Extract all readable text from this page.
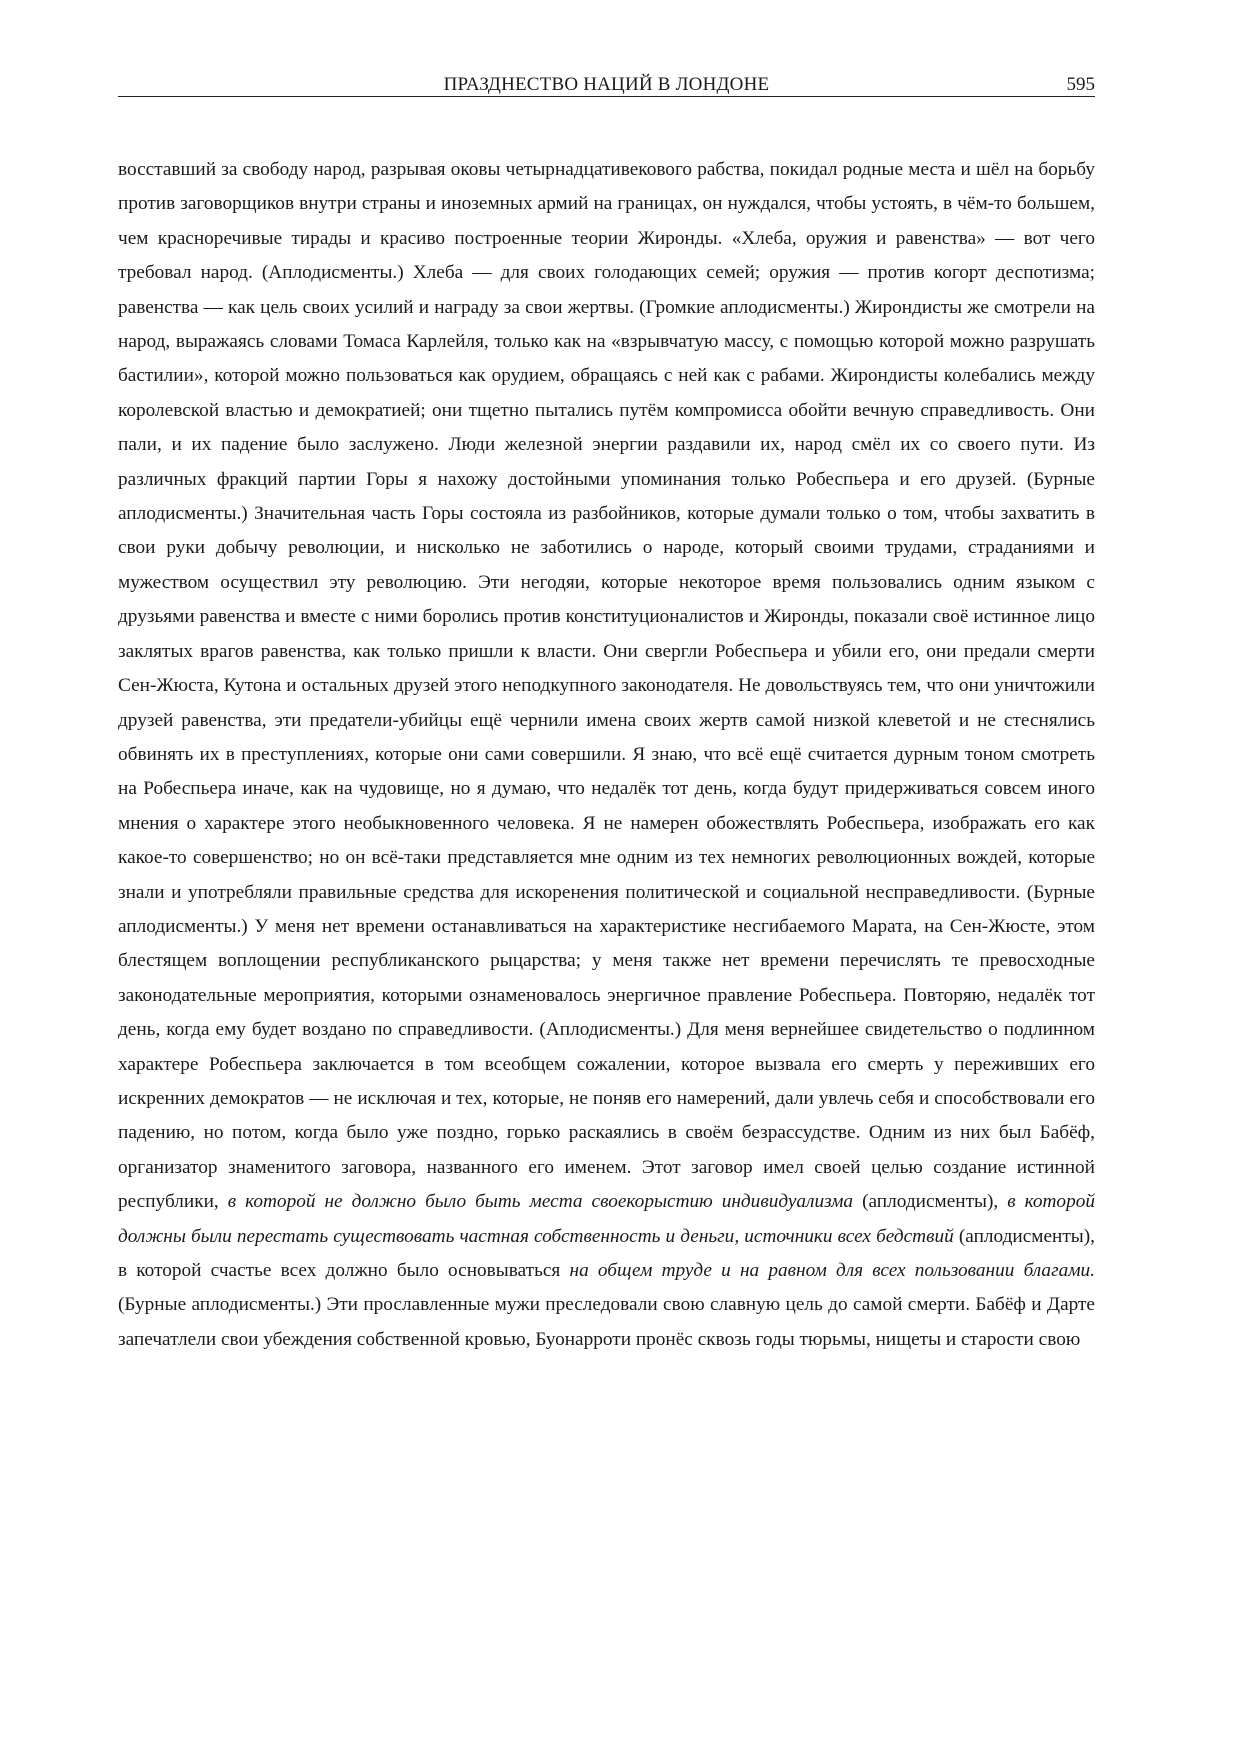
ПРАЗДНЕСТВО НАЦИЙ В ЛОНДОНЕ	595

восставший за свободу народ, разрывая оковы четырнадцативекового рабства, покидал родные места и шёл на борьбу против заговорщиков внутри страны и иноземных армий на границах, он нуждался, чтобы устоять, в чём-то большем, чем красноречивые тирады и красиво построенные теории Жиронды. «Хлеба, оружия и равенства» — вот чего требовал народ. (Аплодисменты.) Хлеба — для своих голодающих семей; оружия — против когорт деспотизма; равенства — как цель своих усилий и награду за свои жертвы. (Громкие аплодисменты.) Жирондисты же смотрели на народ, выражаясь словами Томаса Карлейля, только как на «взрывчатую массу, с помощью которой можно разрушать бастилии», которой можно пользоваться как орудием, обращаясь с ней как с рабами. Жирондисты колебались между королевской властью и демократией; они тщетно пытались путём компромисса обойти вечную справедливость. Они пали, и их падение было заслужено. Люди железной энергии раздавили их, народ смёл их со своего пути. Из различных фракций партии Горы я нахожу достойными упоминания только Робеспьера и его друзей. (Бурные аплодисменты.) Значительная часть Горы состояла из разбойников, которые думали только о том, чтобы захватить в свои руки добычу революции, и нисколько не заботились о народе, который своими трудами, страданиями и мужеством осуществил эту революцию. Эти негодяи, которые некоторое время пользовались одним языком с друзьями равенства и вместе с ними боролись против конституционалистов и Жиронды, показали своё истинное лицо заклятых врагов равенства, как только пришли к власти. Они свергли Робеспьера и убили его, они предали смерти Сен-Жюста, Кутона и остальных друзей этого неподкупного законодателя. Не довольствуясь тем, что они уничтожили друзей равенства, эти предатели-убийцы ещё чернили имена своих жертв самой низкой клеветой и не стеснялись обвинять их в преступлениях, которые они сами совершили. Я знаю, что всё ещё считается дурным тоном смотреть на Робеспьера иначе, как на чудовище, но я думаю, что недалёк тот день, когда будут придерживаться совсем иного мнения о характере этого необыкновенного человека. Я не намерен обожествлять Робеспьера, изображать его как какое-то совершенство; но он всё-таки представляется мне одним из тех немногих революционных вождей, которые знали и употребляли правильные средства для искоренения политической и социальной несправедливости. (Бурные аплодисменты.) У меня нет времени останавливаться на характеристике несгибаемого Марата, на Сен-Жюсте, этом блестящем воплощении республиканского рыцарства; у меня также нет времени перечислять те превосходные законодательные мероприятия, которыми ознаменовалось энергичное правление Робеспьера. Повторяю, недалёк тот день, когда ему будет воздано по справедливости. (Аплодисменты.) Для меня вернейшее свидетельство о подлинном характере Робеспьера заключается в том всеобщем сожалении, которое вызвала его смерть у переживших его искренних демократов — не исключая и тех, которые, не поняв его намерений, дали увлечь себя и способствовали его падению, но потом, когда было уже поздно, горько раскаялись в своём безрассудстве. Одним из них был Бабёф, организатор знаменитого заговора, названного его именем. Этот заговор имел своей целью создание истинной республики, в которой не должно было быть места своекорыстию индивидуализма (аплодисменты), в которой должны были перестать существовать частная собственность и деньги, источники всех бедствий (аплодисменты), в которой счастье всех должно было основываться на общем труде и на равном для всех пользовании благами. (Бурные аплодисменты.) Эти прославленные мужи преследовали свою славную цель до самой смерти. Бабёф и Дарте запечатлели свои убеждения собственной кровью, Буонарроти пронёс сквозь годы тюрьмы, нищеты и старости свою
